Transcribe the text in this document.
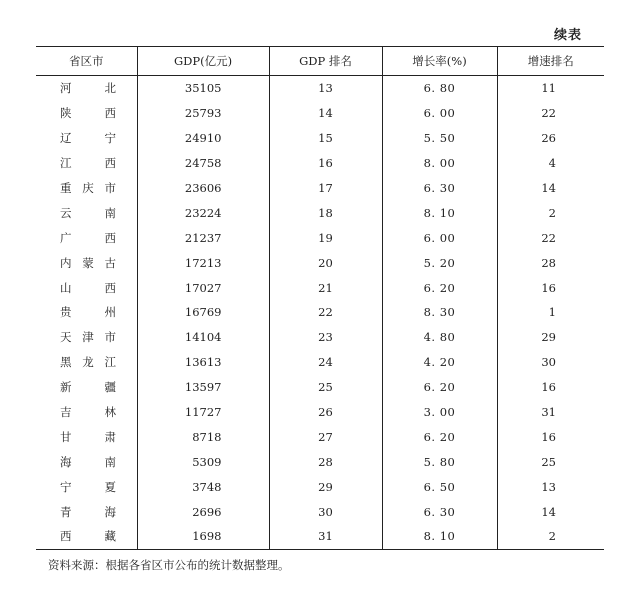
续表
省区市	GDP(亿元)	GDP 排名	增长率(%)	增速排名

河 北	35105	13	6. 80	11

陕 西	25793	14	6. 00	22

辽 宁	24910	15	5. 50	26

江 西	24758	16	8. 00	4

重 庆 市	23606	17	6. 30	14

云 南	23224	18	8. 10	2

广 西	21237	19	6. 00	22

内 蒙 古	17213	20	5. 20	28

山 西	17027	21	6. 20	16

贵 州	16769	22	8. 30	1

天 津 市	14104	23	4. 80	29

黑 龙 江	13613	24	4. 20	30

新 疆	13597	25	6. 20	16

吉 林	11727	26	3. 00	31

甘 肃	8718	27	6. 20	16

海 南	5309	28	5. 80	25

宁 夏	3748	29	6. 50	13

青 海	2696	30	6. 30	14

西 藏	1698	31	8. 10	2
资料来源：根据各省区市公布的统计数据整理。
